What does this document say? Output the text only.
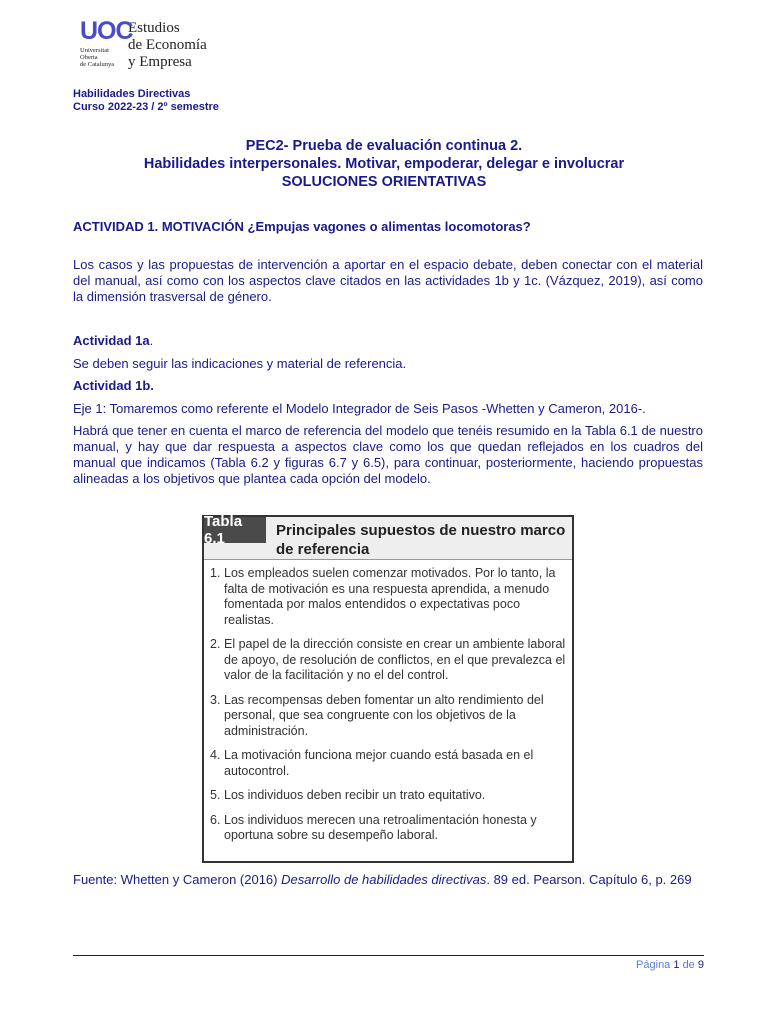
UOC
Universitat
Oberta
de Catalunya
Estudios
de Economía
y Empresa
Habilidades Directivas
Curso 2022-23 / 2º semestre
PEC2- Prueba de evaluación continua 2.
Habilidades interpersonales. Motivar, empoderar, delegar e involucrar
SOLUCIONES ORIENTATIVAS
ACTIVIDAD 1. MOTIVACIÓN ¿Empujas vagones o alimentas locomotoras?
Los casos y las propuestas de intervención a aportar en el espacio debate, deben conectar con el material del manual, así como con los aspectos clave citados en las actividades 1b y 1c. (Vázquez, 2019), así como la dimensión trasversal de género.
Actividad 1a.
Se deben seguir las indicaciones y material de referencia.
Actividad 1b.
Eje 1: Tomaremos como referente el Modelo Integrador de Seis Pasos -Whetten y Cameron, 2016-.
Habrá que tener en cuenta el marco de referencia del modelo que tenéis resumido en la Tabla 6.1 de nuestro manual, y hay que dar respuesta a aspectos clave como los que quedan reflejados en los cuadros del manual que indicamos (Tabla 6.2 y figuras 6.7 y 6.5), para continuar, posteriormente, haciendo propuestas alineadas a los objetivos que plantea cada opción del modelo.
Tabla 6.1	Principales supuestos de nuestro marco de referencia
1. Los empleados suelen comenzar motivados. Por lo tanto, la falta de motivación es una respuesta aprendida, a menudo fomentada por malos entendidos o expectativas poco realistas.
2. El papel de la dirección consiste en crear un ambiente laboral de apoyo, de resolución de conflictos, en el que prevalezca el valor de la facilitación y no el del control.
3. Las recompensas deben fomentar un alto rendimiento del personal, que sea congruente con los objetivos de la administración.
4. La motivación funciona mejor cuando está basada en el autocontrol.
5. Los individuos deben recibir un trato equitativo.
6. Los individuos merecen una retroalimentación honesta y oportuna sobre su desempeño laboral.
Fuente: Whetten y Cameron (2016) Desarrollo de habilidades directivas. 89 ed. Pearson. Capítulo 6, p. 269
Página 1 de 9
